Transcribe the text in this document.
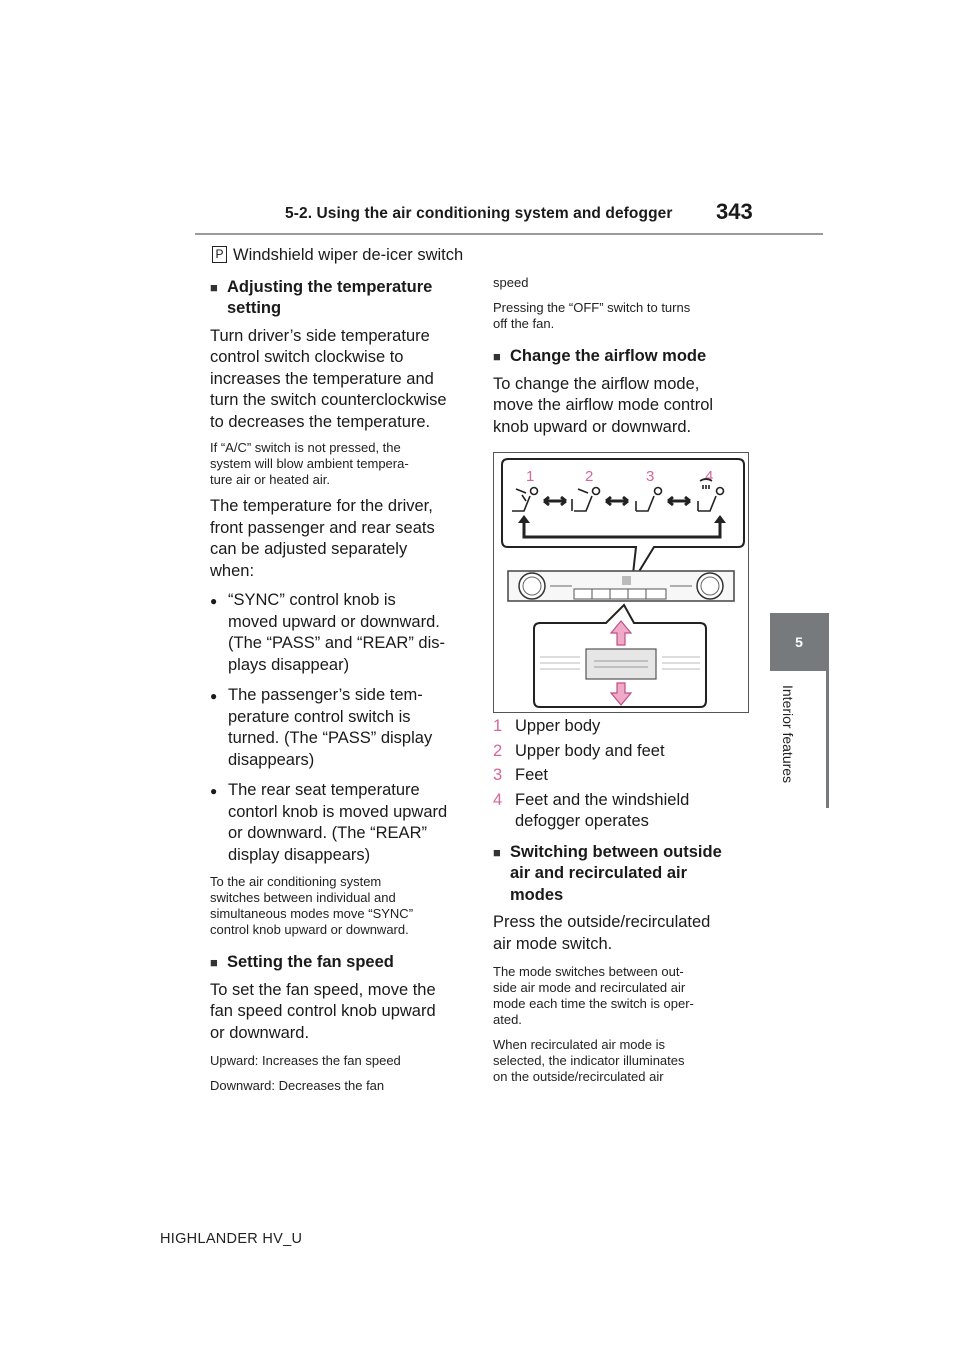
5-2. Using the air conditioning system and defogger 343
5
Interior features

P Windshield wiper de-icer switch

■ Adjusting the temperature
setting

Turn driver’s side temperature

control switch clockwise to

increases the temperature and

turn the switch counterclockwise

to decreases the temperature.

If “A/C” switch is not pressed, the

system will blow ambient tempera-

ture air or heated air.

The temperature for the driver,

front passenger and rear seats

can be adjusted separately

when:

● “SYNC” control knob is
moved upward or downward.
(The “PASS” and “REAR” dis-
plays disappear)
● The passenger’s side tem-
perature control switch is
turned. (The “PASS” display
disappears)
● The rear seat temperature
contorl knob is moved upward
or downward. (The “REAR”
display disappears)

To the air conditioning system

switches between individual and

simultaneous modes move “SYNC”

control knob upward or downward.

■ Setting the fan speed

To set the fan speed, move the

fan speed control knob upward

or downward.

Upward: Increases the fan speed

Downward: Decreases the fan

speed

Pressing the “OFF” switch to turns

off the fan.

■ Change the airflow mode

To change the airflow mode,

move the airflow mode control

knob upward or downward.

1	2	3	4
1 Upper body
2 Upper body and feet
3 Feet
4 Feet and the windshield
defogger operates
■ Switching between outside
air and recirculated air
modes

Press the outside/recirculated

air mode switch.

The mode switches between out-

side air mode and recirculated air

mode each time the switch is oper-

ated.

When recirculated air mode is

selected, the indicator illuminates

on the outside/recirculated air

HIGHLANDER HV_U
